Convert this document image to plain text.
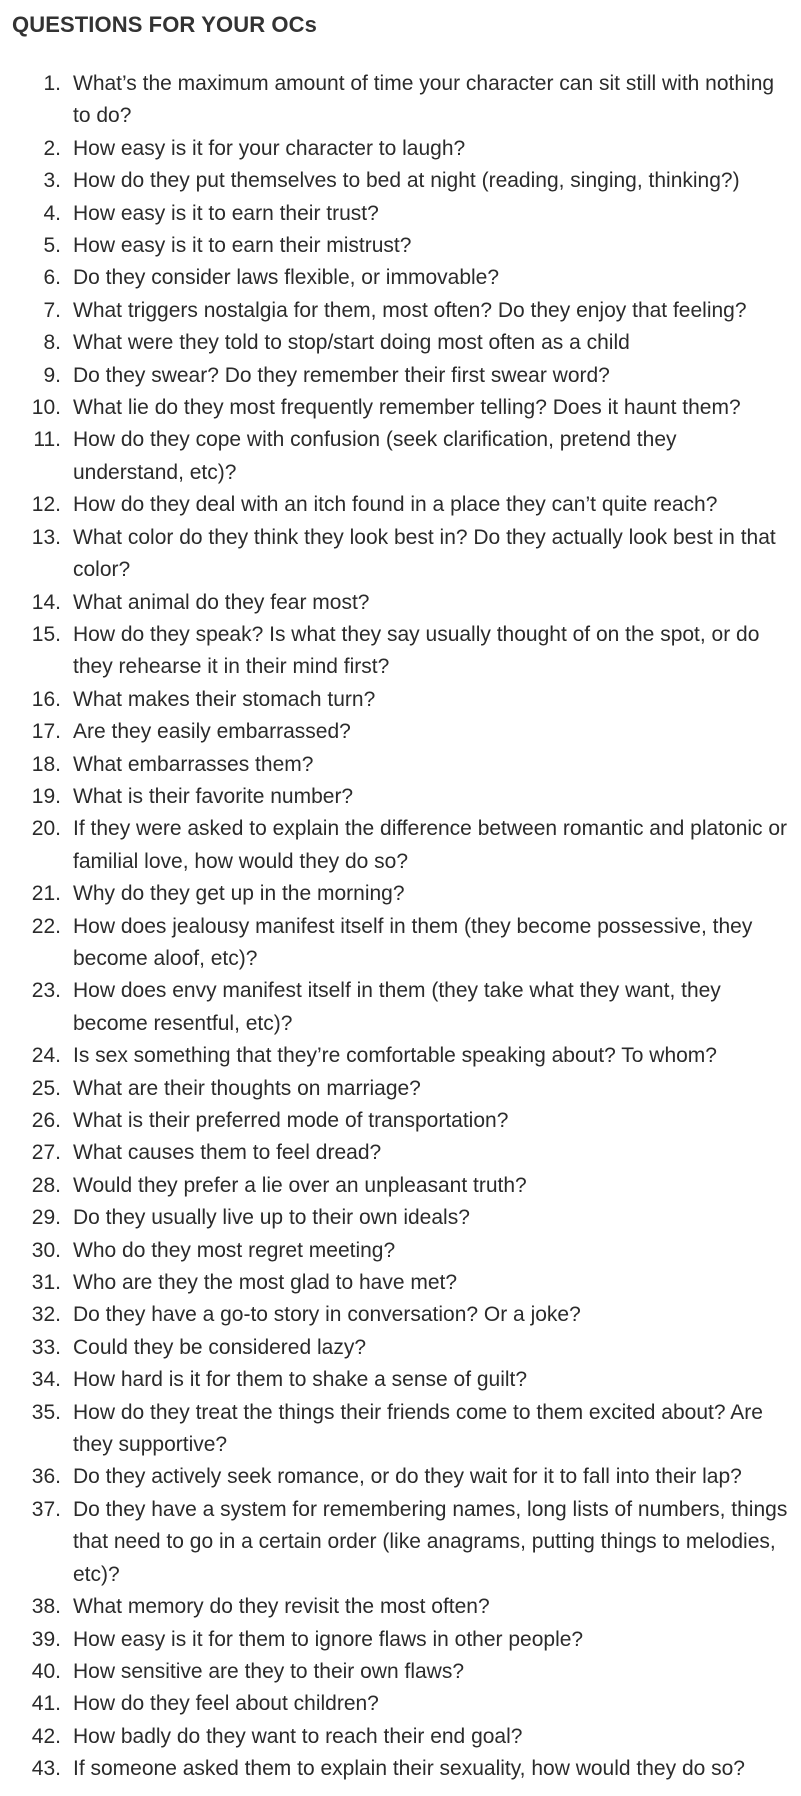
QUESTIONS FOR YOUR OCs
1. What’s the maximum amount of time your character can sit still with nothing to do?
2. How easy is it for your character to laugh?
3. How do they put themselves to bed at night (reading, singing, thinking?)
4. How easy is it to earn their trust?
5. How easy is it to earn their mistrust?
6. Do they consider laws flexible, or immovable?
7. What triggers nostalgia for them, most often? Do they enjoy that feeling?
8. What were they told to stop/start doing most often as a child
9. Do they swear? Do they remember their first swear word?
10. What lie do they most frequently remember telling? Does it haunt them?
11. How do they cope with confusion (seek clarification, pretend they understand, etc)?
12. How do they deal with an itch found in a place they can’t quite reach?
13. What color do they think they look best in? Do they actually look best in that color?
14. What animal do they fear most?
15. How do they speak? Is what they say usually thought of on the spot, or do they rehearse it in their mind first?
16. What makes their stomach turn?
17. Are they easily embarrassed?
18. What embarrasses them?
19. What is their favorite number?
20. If they were asked to explain the difference between romantic and platonic or familial love, how would they do so?
21. Why do they get up in the morning?
22. How does jealousy manifest itself in them (they become possessive, they become aloof, etc)?
23. How does envy manifest itself in them (they take what they want, they become resentful, etc)?
24. Is sex something that they’re comfortable speaking about? To whom?
25. What are their thoughts on marriage?
26. What is their preferred mode of transportation?
27. What causes them to feel dread?
28. Would they prefer a lie over an unpleasant truth?
29. Do they usually live up to their own ideals?
30. Who do they most regret meeting?
31. Who are they the most glad to have met?
32. Do they have a go-to story in conversation? Or a joke?
33. Could they be considered lazy?
34. How hard is it for them to shake a sense of guilt?
35. How do they treat the things their friends come to them excited about? Are they supportive?
36. Do they actively seek romance, or do they wait for it to fall into their lap?
37. Do they have a system for remembering names, long lists of numbers, things that need to go in a certain order (like anagrams, putting things to melodies, etc)?
38. What memory do they revisit the most often?
39. How easy is it for them to ignore flaws in other people?
40. How sensitive are they to their own flaws?
41. How do they feel about children?
42. How badly do they want to reach their end goal?
43. If someone asked them to explain their sexuality, how would they do so?
